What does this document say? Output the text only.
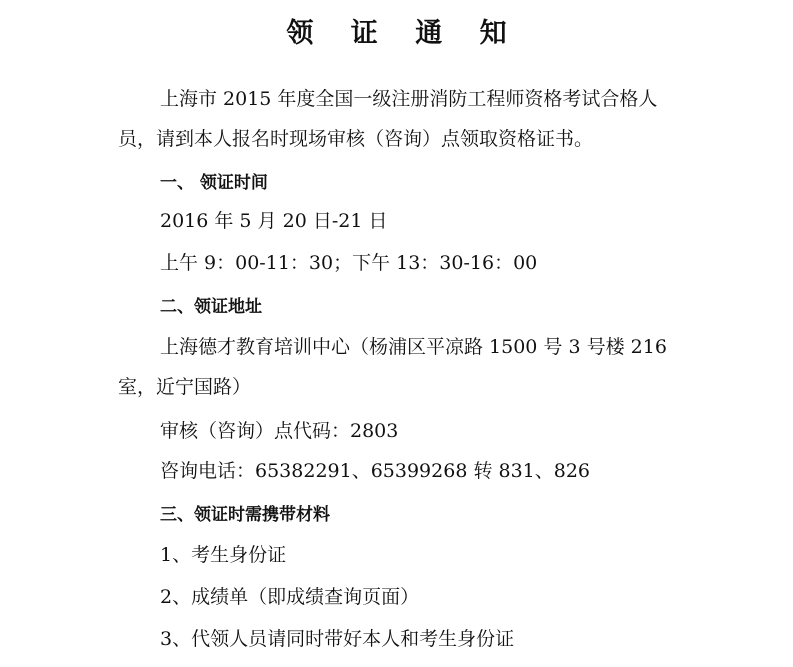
领 证 通 知
上海市 2015 年度全国一级注册消防工程师资格考试合格人
员，请到本人报名时现场审核（咨询）点领取资格证书。
一、 领证时间
2016 年 5 月 20 日-21 日
上午 9：00-11：30；下午 13：30-16：00
二、领证地址
上海德才教育培训中心（杨浦区平凉路 1500 号 3 号楼 216
室，近宁国路）
审核（咨询）点代码：2803
咨询电话：65382291、65399268 转 831、826
三、领证时需携带材料
1、考生身份证
2、成绩单（即成绩查询页面）
3、代领人员请同时带好本人和考生身份证
